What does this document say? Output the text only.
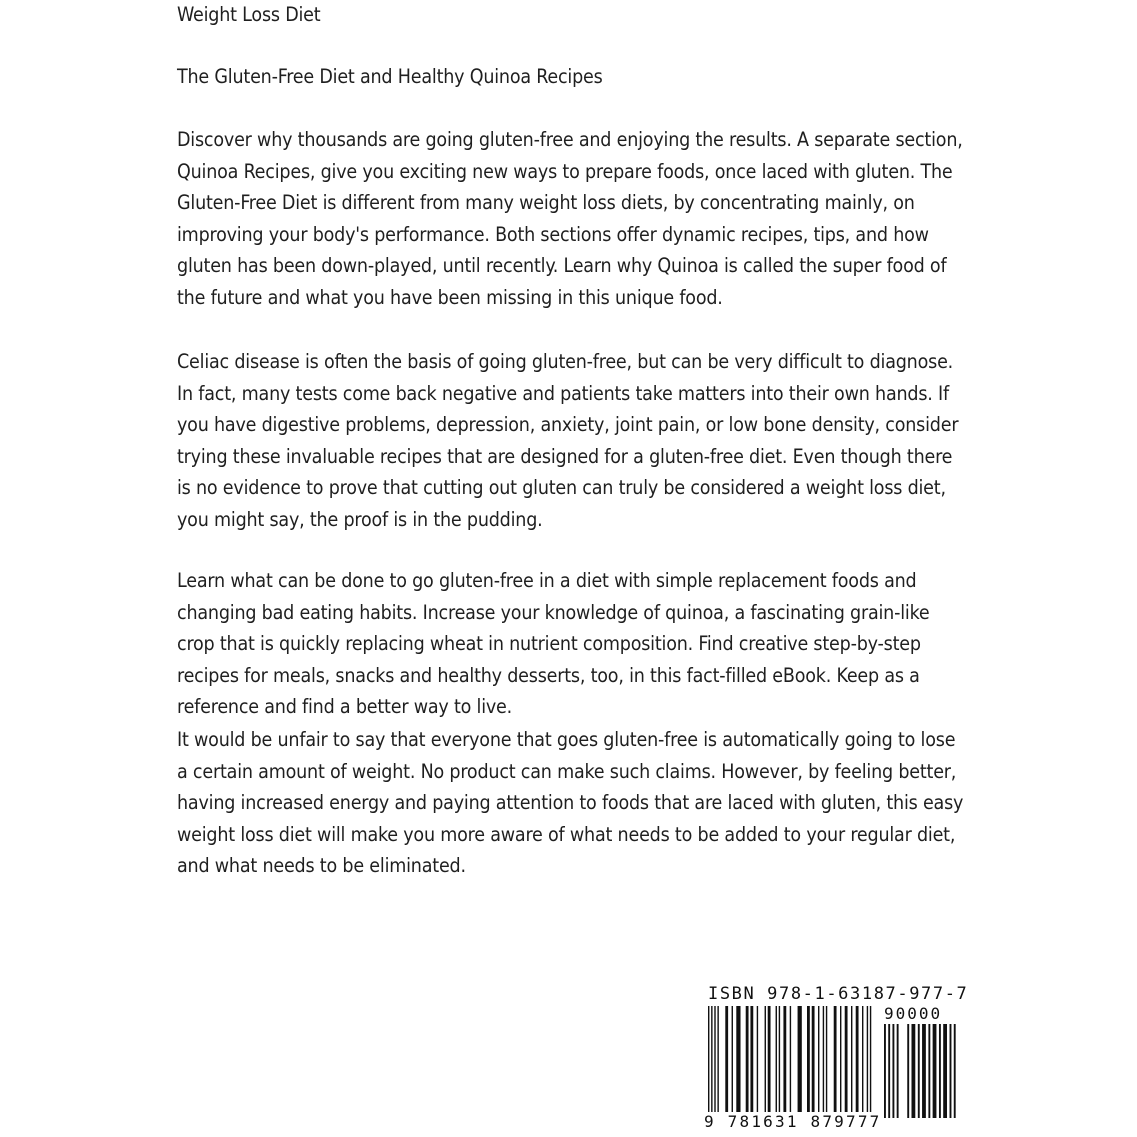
Weight Loss Diet

The Gluten-Free Diet and Healthy Quinoa Recipes

Discover why thousands are going gluten-free and enjoying the results. A separate section, Quinoa Recipes, give you exciting new ways to prepare foods, once laced with gluten. The Gluten-Free Diet is different from many weight loss diets, by concentrating mainly, on improving your body's performance. Both sections offer dynamic recipes, tips, and how gluten has been down-played, until recently. Learn why Quinoa is called the super food of the future and what you have been missing in this unique food.

Celiac disease is often the basis of going gluten-free, but can be very difficult to diagnose. In fact, many tests come back negative and patients take matters into their own hands. If you have digestive problems, depression, anxiety, joint pain, or low bone density, consider trying these invaluable recipes that are designed for a gluten-free diet. Even though there is no evidence to prove that cutting out gluten can truly be considered a weight loss diet, you might say, the proof is in the pudding.

Learn what can be done to go gluten-free in a diet with simple replacement foods and changing bad eating habits. Increase your knowledge of quinoa, a fascinating grain-like crop that is quickly replacing wheat in nutrient composition. Find creative step-by-step recipes for meals, snacks and healthy desserts, too, in this fact-filled eBook. Keep as a reference and find a better way to live.

It would be unfair to say that everyone that goes gluten-free is automatically going to lose a certain amount of weight. No product can make such claims. However, by feeling better, having increased energy and paying attention to foods that are laced with gluten, this easy weight loss diet will make you more aware of what needs to be added to your regular diet, and what needs to be eliminated.

ISBN 978-1-63187-977-7
90000
9 781631 879777
